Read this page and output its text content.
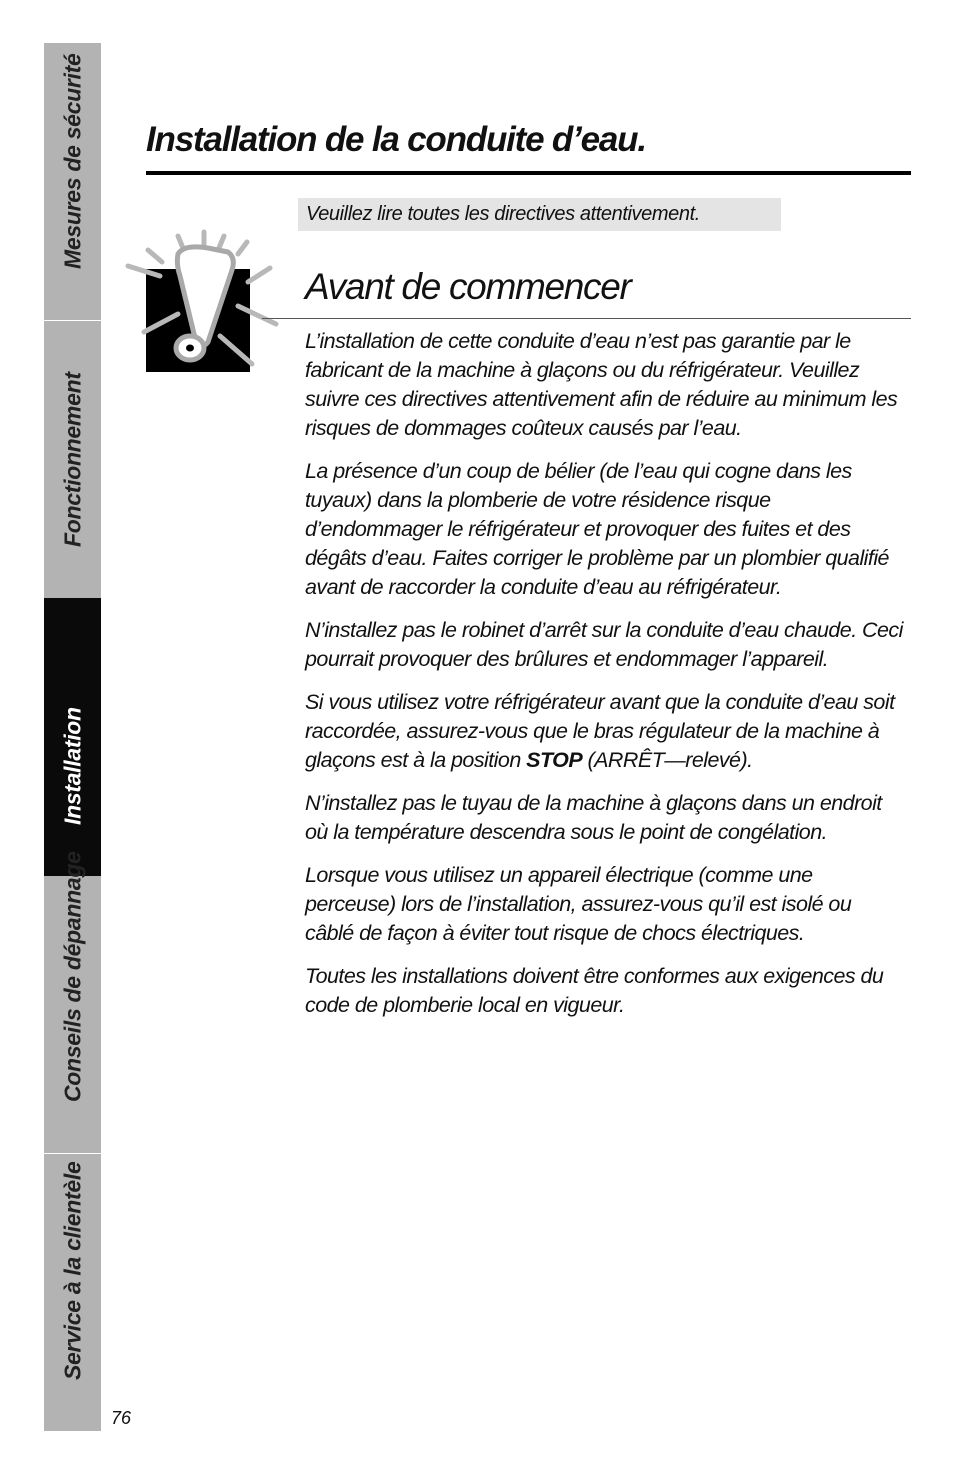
Mesures de sécurité
Fonctionnement
Installation
Conseils de dépannage
Service à la clientèle
Installation de la conduite d’eau.
Veuillez lire toutes les directives attentivement.
Avant de commencer

L’installation de cette conduite d’eau n’est pas garantie par le fabricant de la machine à glaçons ou du réfrigérateur. Veuillez suivre ces directives attentivement afin de réduire au minimum les risques de dommages coûteux causés par l’eau.

La présence d’un coup de bélier (de l’eau qui cogne dans les tuyaux) dans la plomberie de votre résidence risque d’endommager le réfrigérateur et provoquer des fuites et des dégâts d’eau. Faites corriger le problème par un plombier qualifié avant de raccorder la conduite d’eau au réfrigérateur.

N’installez pas le robinet d’arrêt sur la conduite d’eau chaude. Ceci pourrait provoquer des brûlures et endommager l’appareil.

Si vous utilisez votre réfrigérateur avant que la conduite d’eau soit raccordée, assurez-vous que le bras régulateur de la machine à glaçons est à la position STOP (ARRÊT—relevé).

N’installez pas le tuyau de la machine à glaçons dans un endroit où la température descendra sous le point de congélation.

Lorsque vous utilisez un appareil électrique (comme une perceuse) lors de l’installation, assurez-vous qu’il est isolé ou câblé de façon à éviter tout risque de chocs électriques.

Toutes les installations doivent être conformes aux exigences du code de plomberie local en vigueur.

76
